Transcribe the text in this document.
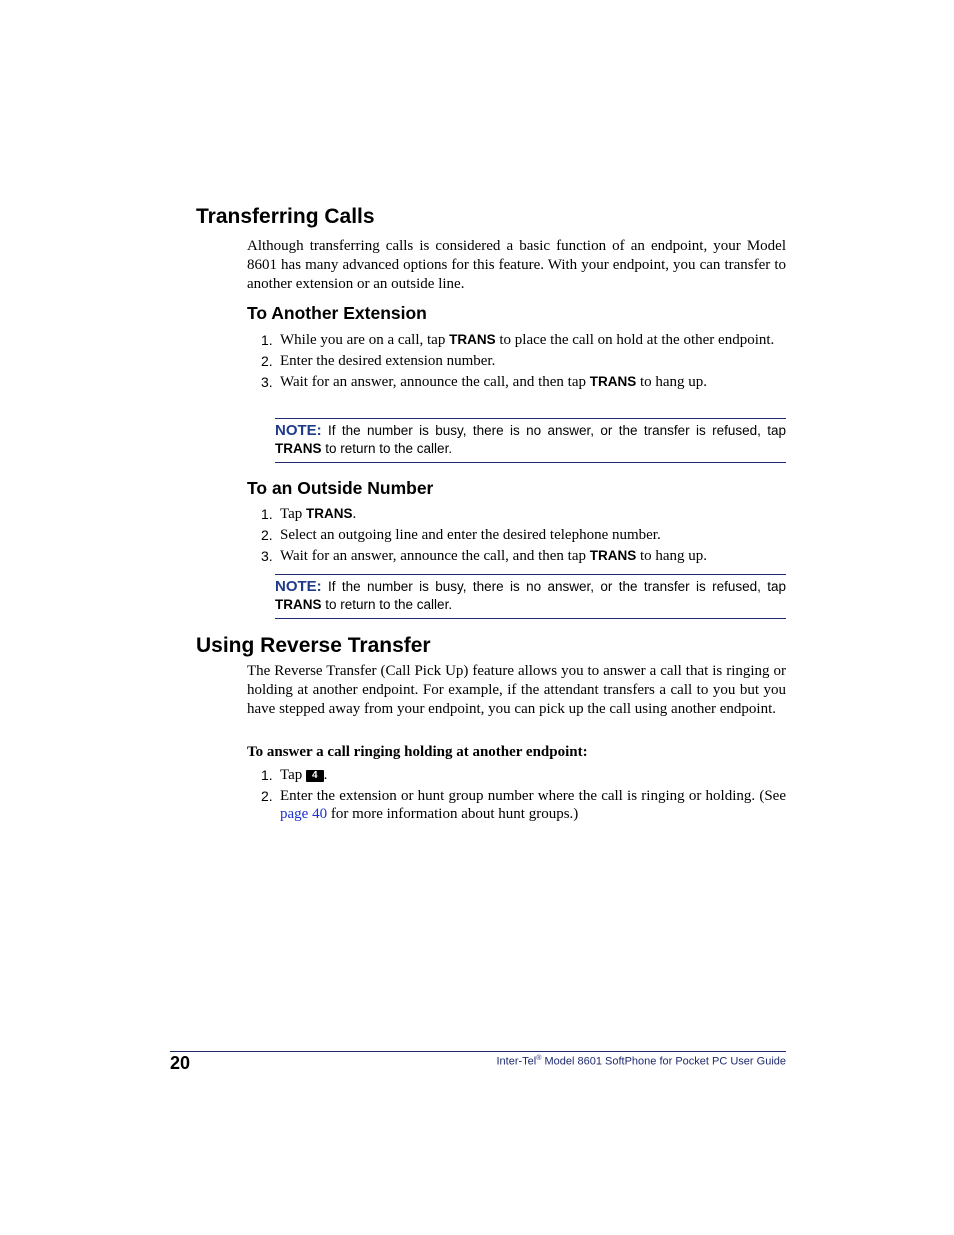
Transferring Calls

Although transferring calls is considered a basic function of an endpoint, your Model 8601 has many advanced options for this feature. With your endpoint, you can transfer to another extension or an outside line.

To Another Extension
1. While you are on a call, tap TRANS to place the call on hold at the other endpoint.
2. Enter the desired extension number.
3. Wait for an answer, announce the call, and then tap TRANS to hang up.
NOTE: If the number is busy, there is no answer, or the transfer is refused, tap TRANS to return to the caller.
To an Outside Number
1. Tap TRANS.
2. Select an outgoing line and enter the desired telephone number.
3. Wait for an answer, announce the call, and then tap TRANS to hang up.
NOTE: If the number is busy, there is no answer, or the transfer is refused, tap TRANS to return to the caller.
Using Reverse Transfer

The Reverse Transfer (Call Pick Up) feature allows you to answer a call that is ringing or holding at another endpoint. For example, if the attendant transfers a call to you but you have stepped away from your endpoint, you can pick up the call using another endpoint.

To answer a call ringing holding at another endpoint:

1. Tap 4 .
2. Enter the extension or hunt group number where the call is ringing or holding. (See page 40 for more information about hunt groups.)
20	Inter-Tel® Model 8601 SoftPhone for Pocket PC User Guide
